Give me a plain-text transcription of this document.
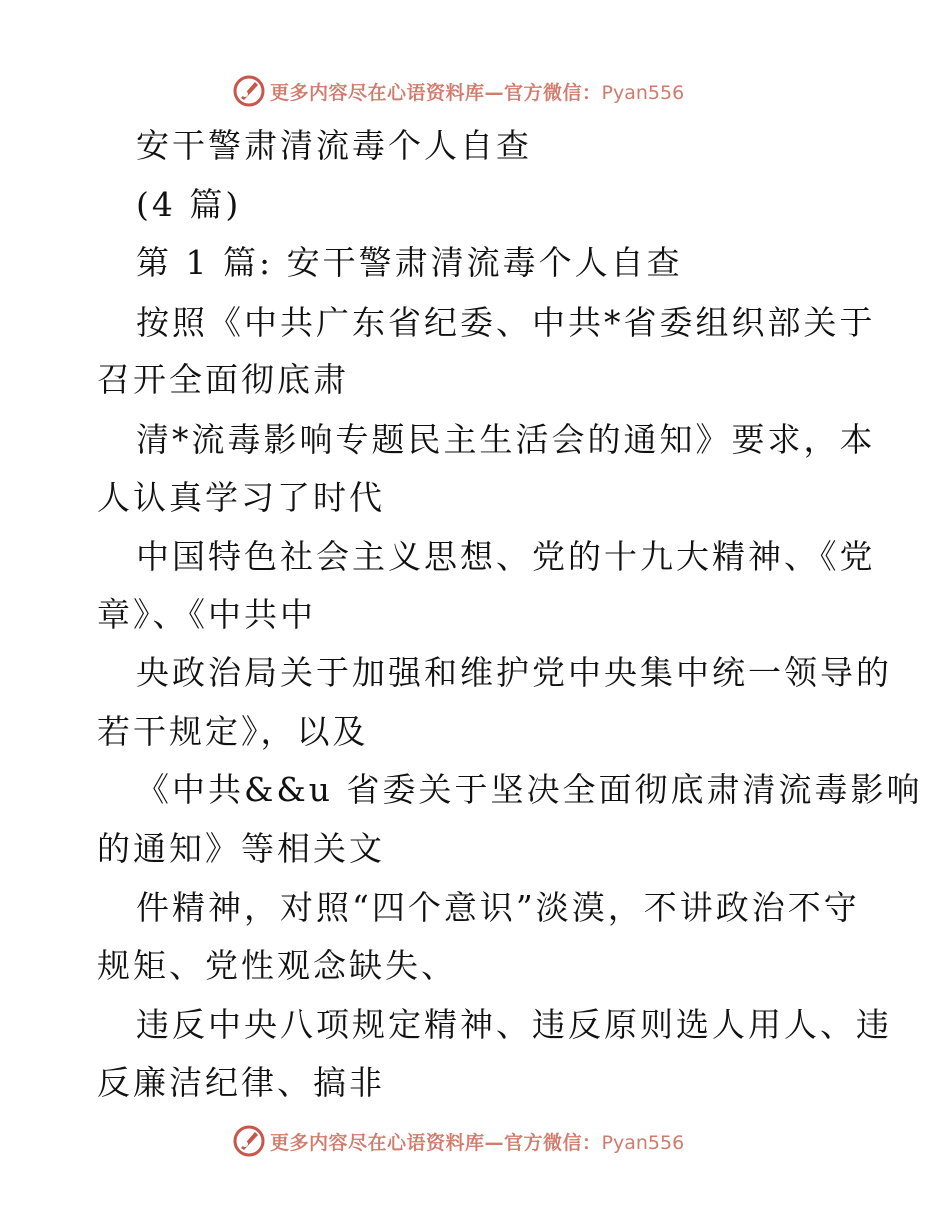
更多内容尽在心语资料库—官方微信：Pyan556
安干警肃清流毒个人自查
(4 篇)
第 1 篇: 安干警肃清流毒个人自查
按照《中共广东省纪委、中共*省委组织部关于
召开全面彻底肃
清*流毒影响专题民主生活会的通知》要求，本
人认真学习了时代
中国特色社会主义思想、党的十九大精神、《党
章》、《中共中
央政治局关于加强和维护党中央集中统一领导的
若干规定》，以及
《中共&&u 省委关于坚决全面彻底肃清流毒影响
的通知》等相关文
件精神，对照“四个意识”淡漠，不讲政治不守
规矩、党性观念缺失、
违反中央八项规定精神、违反原则选人用人、违
反廉洁纪律、搞非
更多内容尽在心语资料库—官方微信：Pyan556
